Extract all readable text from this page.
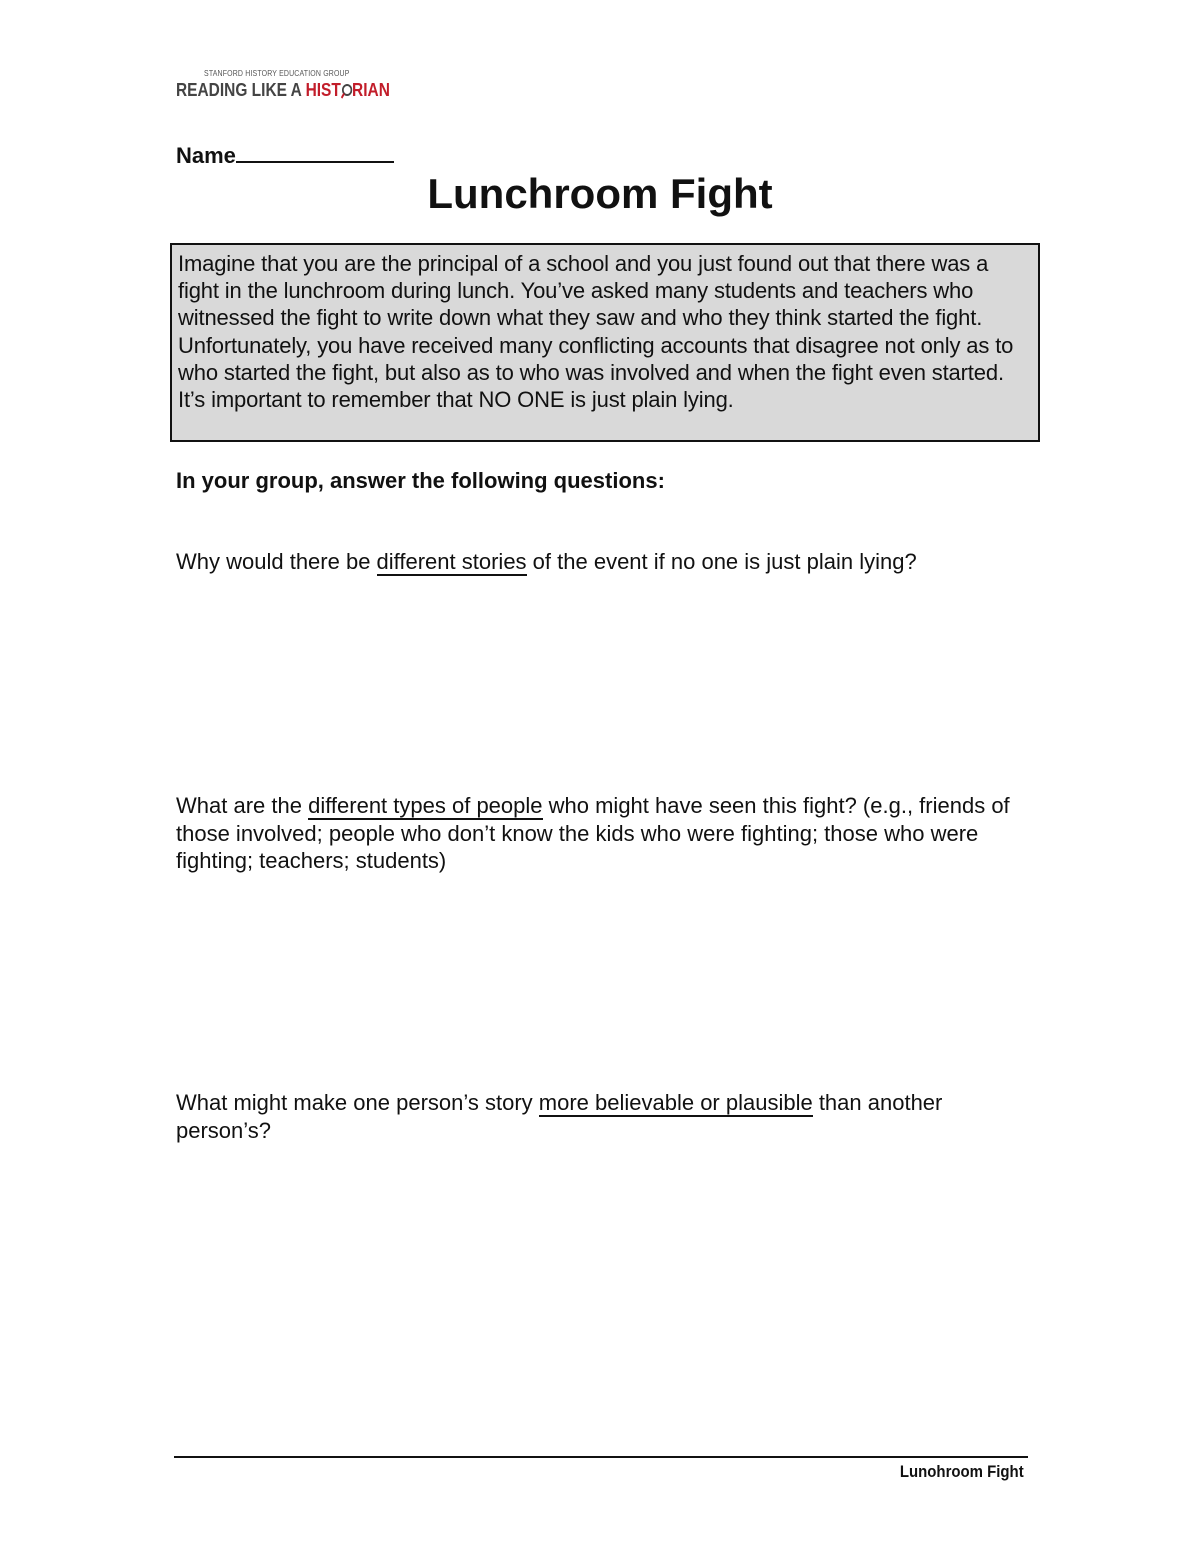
STANFORD HISTORY EDUCATION GROUP
READING LIKE A HIST RIAN
Name
Lunchroom Fight
Imagine that you are the principal of a school and you just found out that there was a fight in the lunchroom during lunch. You’ve asked many students and teachers who witnessed the fight to write down what they saw and who they think started the fight. Unfortunately, you have received many conflicting accounts that disagree not only as to who started the fight, but also as to who was involved and when the fight even started. It’s important to remember that NO ONE is just plain lying.
In your group, answer the following questions:
Why would there be different stories of the event if no one is just plain lying?
What are the different types of people who might have seen this fight? (e.g., friends of those involved; people who don’t know the kids who were fighting; those who were fighting; teachers; students)
What might make one person’s story more believable or plausible than another person’s?
Lunohroom Fight
